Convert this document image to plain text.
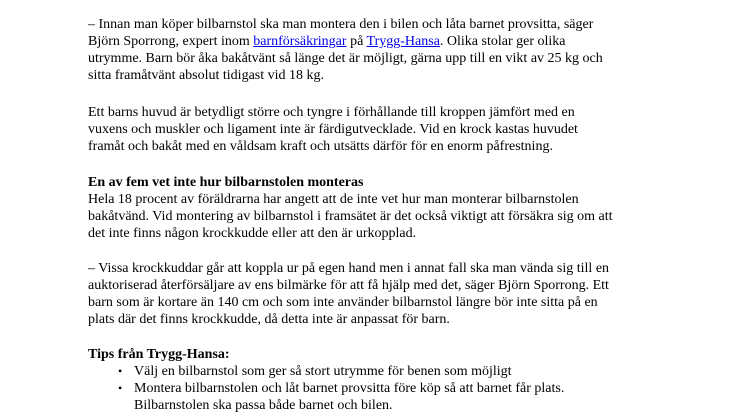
– Innan man köper bilbarnstol ska man montera den i bilen och låta barnet provsitta, säger
Björn Sporrong, expert inom barnförsäkringar på Trygg-Hansa. Olika stolar ger olika
utrymme. Barn bör åka bakåtvänt så länge det är möjligt, gärna upp till en vikt av 25 kg och
sitta framåtvänt absolut tidigast vid 18 kg.
Ett barns huvud är betydligt större och tyngre i förhållande till kroppen jämfört med en
vuxens och muskler och ligament inte är färdigutvecklade. Vid en krock kastas huvudet
framåt och bakåt med en våldsam kraft och utsätts därför för en enorm påfrestning.
En av fem vet inte hur bilbarnstolen monteras
Hela 18 procent av föräldrarna har angett att de inte vet hur man monterar bilbarnstolen
bakåtvänd. Vid montering av bilbarnstol i framsätet är det också viktigt att försäkra sig om att
det inte finns någon krockkudde eller att den är urkopplad.
– Vissa krockkuddar går att koppla ur på egen hand men i annat fall ska man vända sig till en
auktoriserad återförsäljare av ens bilmärke för att få hjälp med det, säger Björn Sporrong. Ett
barn som är kortare än 140 cm och som inte använder bilbarnstol längre bör inte sitta på en
plats där det finns krockkudde, då detta inte är anpassat för barn.
Tips från Trygg-Hansa:
• Välj en bilbarnstol som ger så stort utrymme för benen som möjligt
• Montera bilbarnstolen och låt barnet provsitta före köp så att barnet får plats.
Bilbarnstolen ska passa både barnet och bilen.
